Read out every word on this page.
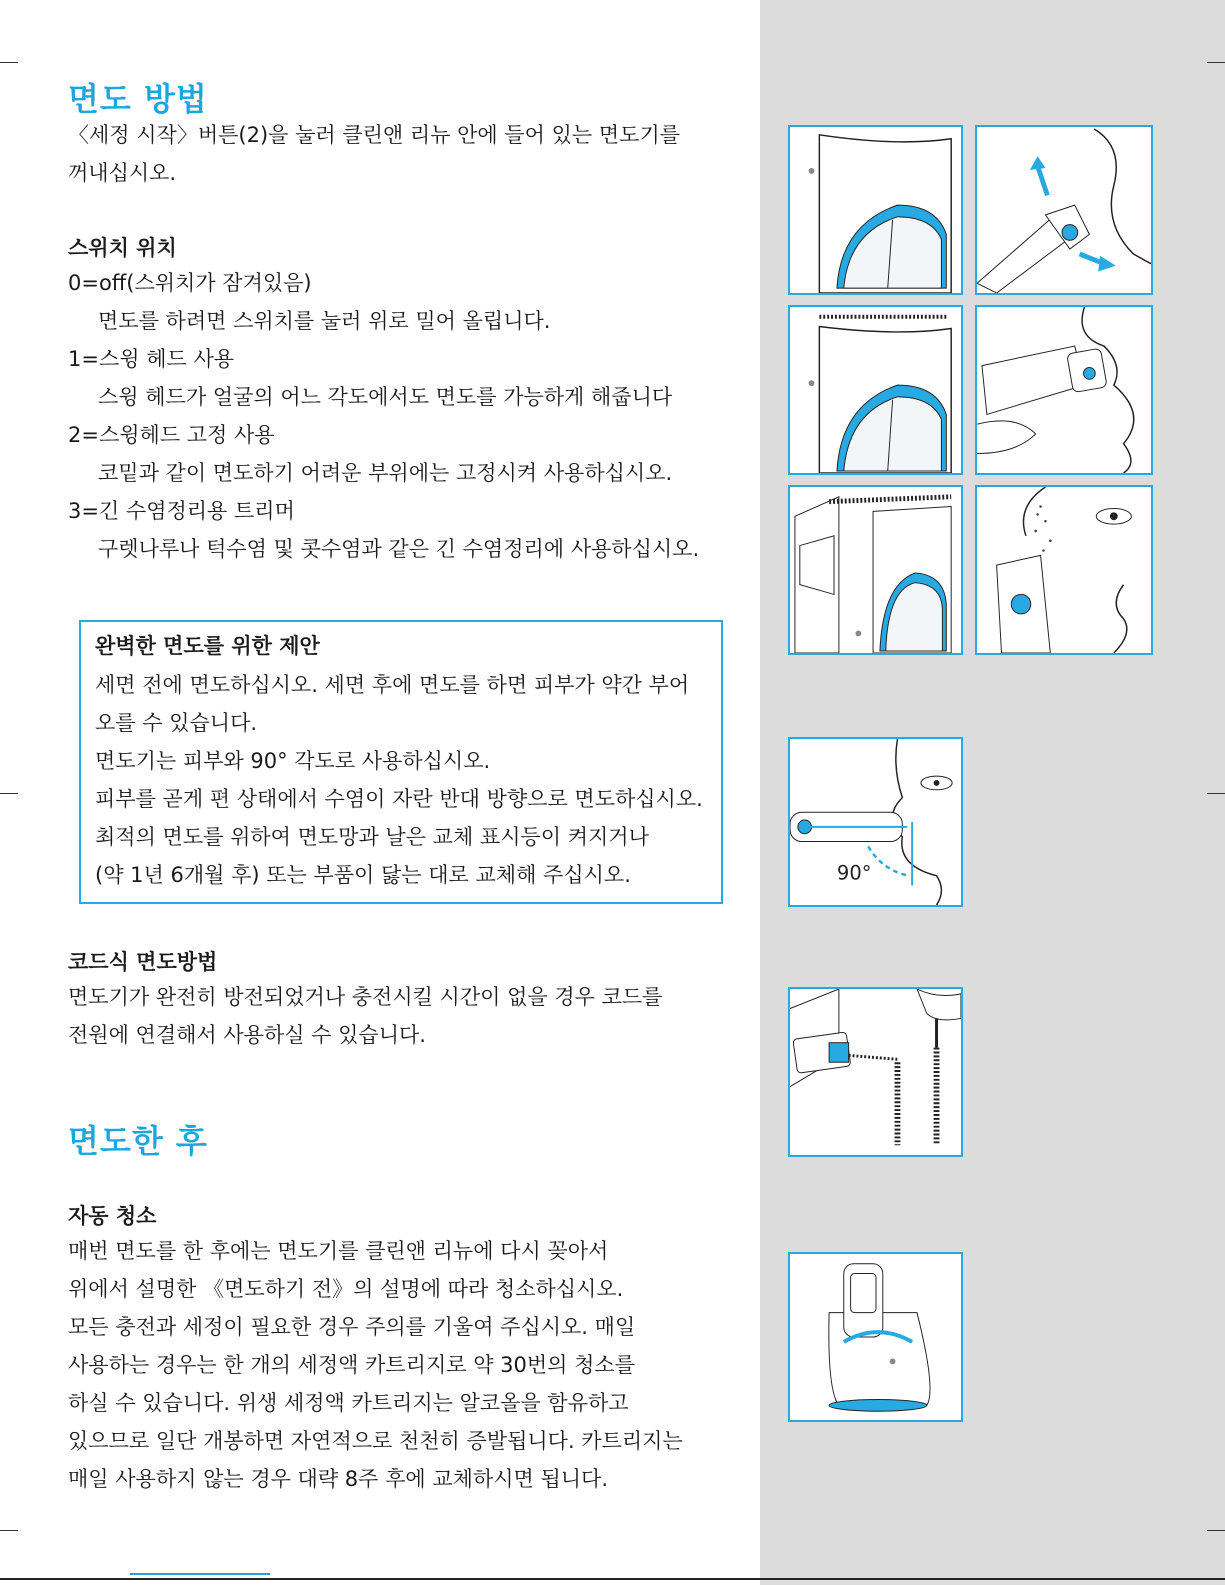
면도 방법

〈세정 시작〉버튼(2)을 눌러 클린앤 리뉴 안에 들어 있는 면도기를

꺼내십시오.

스위치 위치

0=off(스위치가 잠겨있음)

면도를 하려면 스위치를 눌러 위로 밀어 올립니다.

1=스윙 헤드 사용

스윙 헤드가 얼굴의 어느 각도에서도 면도를 가능하게 해줍니다

2=스윙헤드 고정 사용

코밑과 같이 면도하기 어려운 부위에는 고정시켜 사용하십시오.

3=긴 수염정리용 트리머

구렛나루나 턱수염 및 콧수염과 같은 긴 수염정리에 사용하십시오.

완벽한 면도를 위한 제안

세면 전에 면도하십시오. 세면 후에 면도를 하면 피부가 약간 부어

오를 수 있습니다.

면도기는 피부와 90° 각도로 사용하십시오.

피부를 곧게 편 상태에서 수염이 자란 반대 방향으로 면도하십시오.

최적의 면도를 위하여 면도망과 날은 교체 표시등이 켜지거나

(약 1년 6개월 후) 또는 부품이 닳는 대로 교체해 주십시오.

코드식 면도방법

면도기가 완전히 방전되었거나 충전시킬 시간이 없을 경우 코드를

전원에 연결해서 사용하실 수 있습니다.

면도한 후
자동 청소

매번 면도를 한 후에는 면도기를 클린앤 리뉴에 다시 꽂아서

위에서 설명한 《면도하기 전》의 설명에 따라 청소하십시오.

모든 충전과 세정이 필요한 경우 주의를 기울여 주십시오. 매일

사용하는 경우는 한 개의 세정액 카트리지로 약 30번의 청소를

하실 수 있습니다. 위생 세정액 카트리지는 알코올을 함유하고

있으므로 일단 개봉하면 자연적으로 천천히 증발됩니다. 카트리지는

매일 사용하지 않는 경우 대략 8주 후에 교체하시면 됩니다.

90°
